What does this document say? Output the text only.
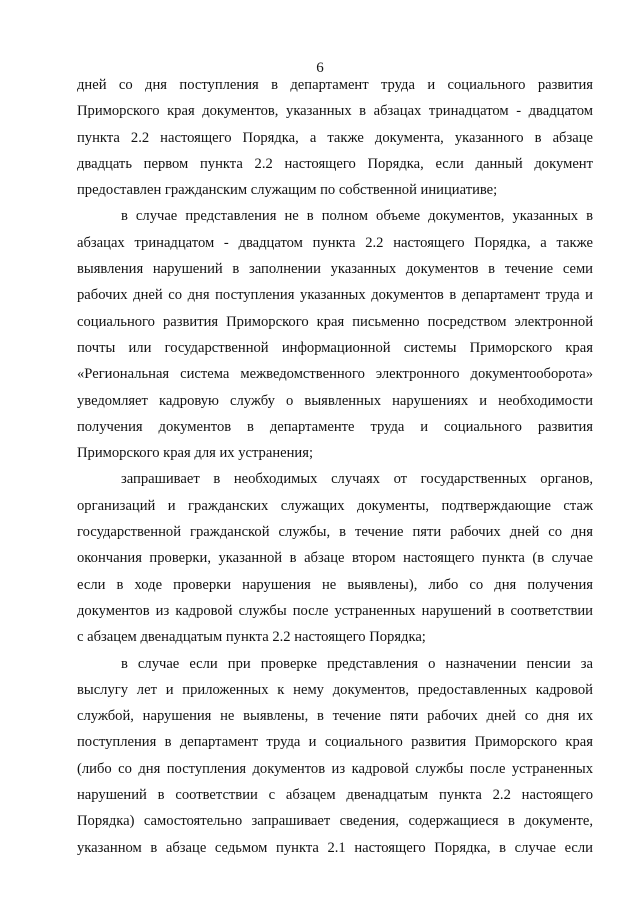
6
дней со дня поступления в департамент труда и социального развития
Приморского края документов, указанных в абзацах тринадцатом - двадцатом
пункта 2.2 настоящего Порядка, а также документа, указанного в абзаце
двадцать первом пункта 2.2 настоящего Порядка, если данный документ
предоставлен гражданским служащим по собственной инициативе;
в случае представления не в полном объеме документов, указанных в
абзацах тринадцатом - двадцатом пункта 2.2 настоящего Порядка, а также
выявления нарушений в заполнении указанных документов в течение семи
рабочих дней со дня поступления указанных документов в департамент труда и
социального развития Приморского края письменно посредством электронной
почты или государственной информационной системы Приморского края
«Региональная система межведомственного электронного документооборота»
уведомляет кадровую службу о выявленных нарушениях и необходимости
получения документов в департаменте труда и социального развития
Приморского края для их устранения;
запрашивает в необходимых случаях от государственных органов,
организаций и гражданских служащих документы, подтверждающие стаж
государственной гражданской службы, в течение пяти рабочих дней со дня
окончания проверки, указанной в абзаце втором настоящего пункта (в случае
если в ходе проверки нарушения не выявлены), либо со дня получения
документов из кадровой службы после устраненных нарушений в соответствии
с абзацем двенадцатым пункта 2.2 настоящего Порядка;
в случае если при проверке представления о назначении пенсии за
выслугу лет и приложенных к нему документов, предоставленных кадровой
службой, нарушения не выявлены, в течение пяти рабочих дней со дня их
поступления в департамент труда и социального развития Приморского края
(либо со дня поступления документов из кадровой службы после устраненных
нарушений в соответствии с абзацем двенадцатым пункта 2.2 настоящего
Порядка) самостоятельно запрашивает сведения, содержащиеся в документе,
указанном в абзаце седьмом пункта 2.1 настоящего Порядка, в случае если
